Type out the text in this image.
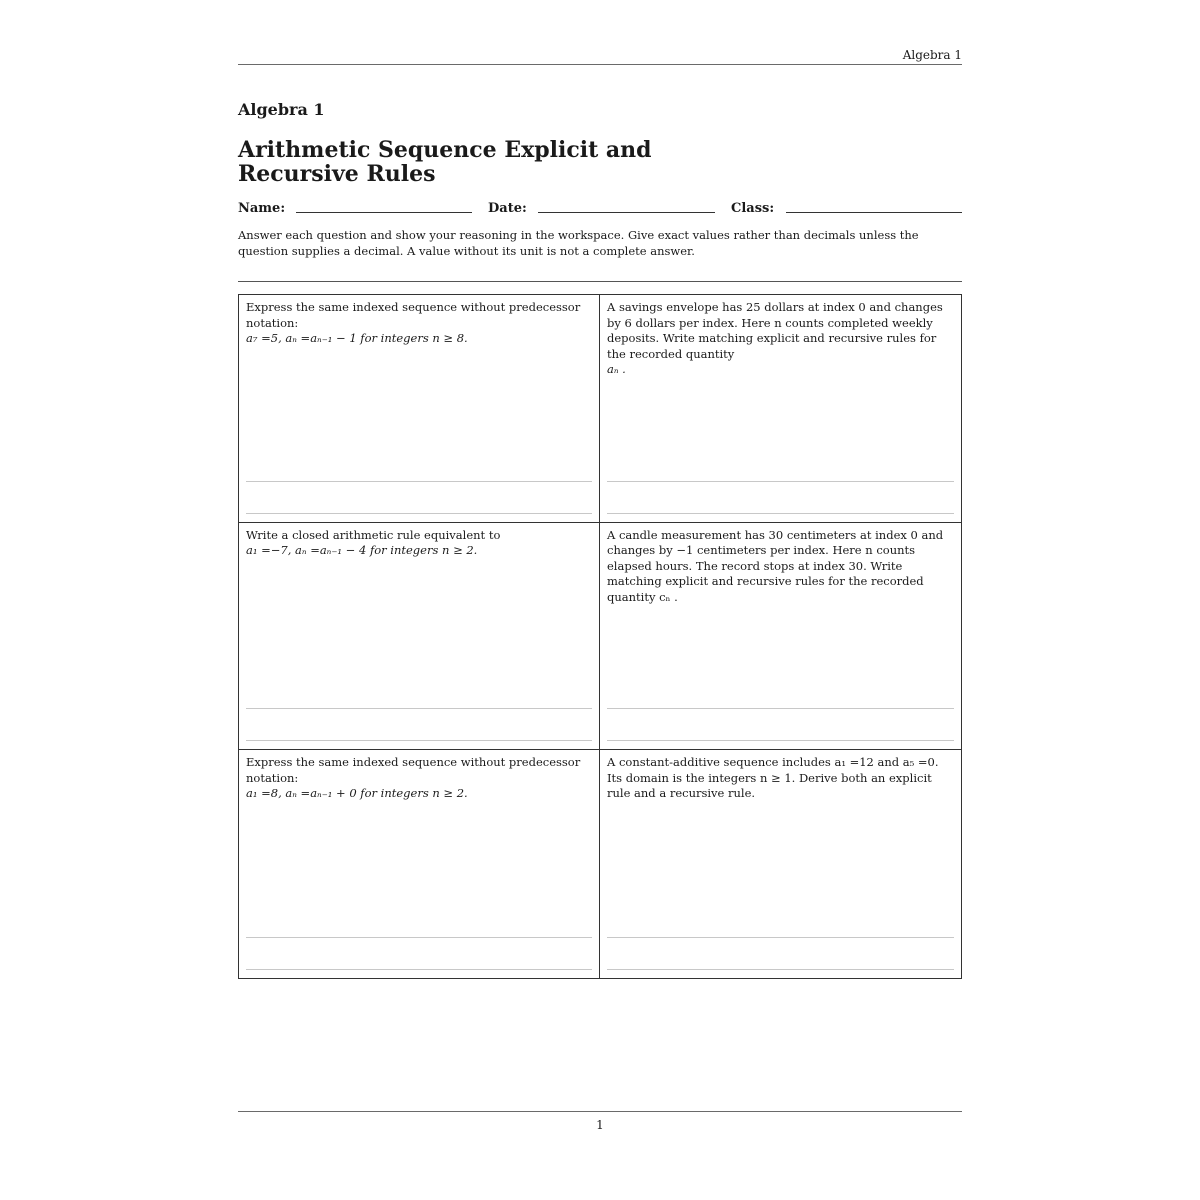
Algebra 1
Algebra 1
Arithmetic Sequence Explicit and Recursive Rules
Name:	Date:	Class:
Answer each question and show your reasoning in the workspace. Give exact values rather than decimals unless the question supplies a decimal. A value without its unit is not a complete answer.

Express the same indexed sequence without predecessor notation:

a₇ =5, aₙ =aₙ₋₁ − 1 for integers n ≥ 8.

A savings envelope has 25 dollars at index 0 and changes by 6 dollars per index. Here n counts completed weekly deposits. Write matching explicit and recursive rules for the recorded quantity

aₙ .

Write a closed arithmetic rule equivalent to

a₁ =−7, aₙ =aₙ₋₁ − 4 for integers n ≥ 2.

A candle measurement has 30 centimeters at index 0 and changes by −1 centimeters per index. Here n counts elapsed hours. The record stops at index 30. Write matching explicit and recursive rules for the recorded quantity cₙ .

Express the same indexed sequence without predecessor notation:

a₁ =8, aₙ =aₙ₋₁ + 0 for integers n ≥ 2.

A constant-additive sequence includes a₁ =12 and a₅ =0. Its domain is the integers n ≥ 1. Derive both an explicit rule and a recursive rule.

1
